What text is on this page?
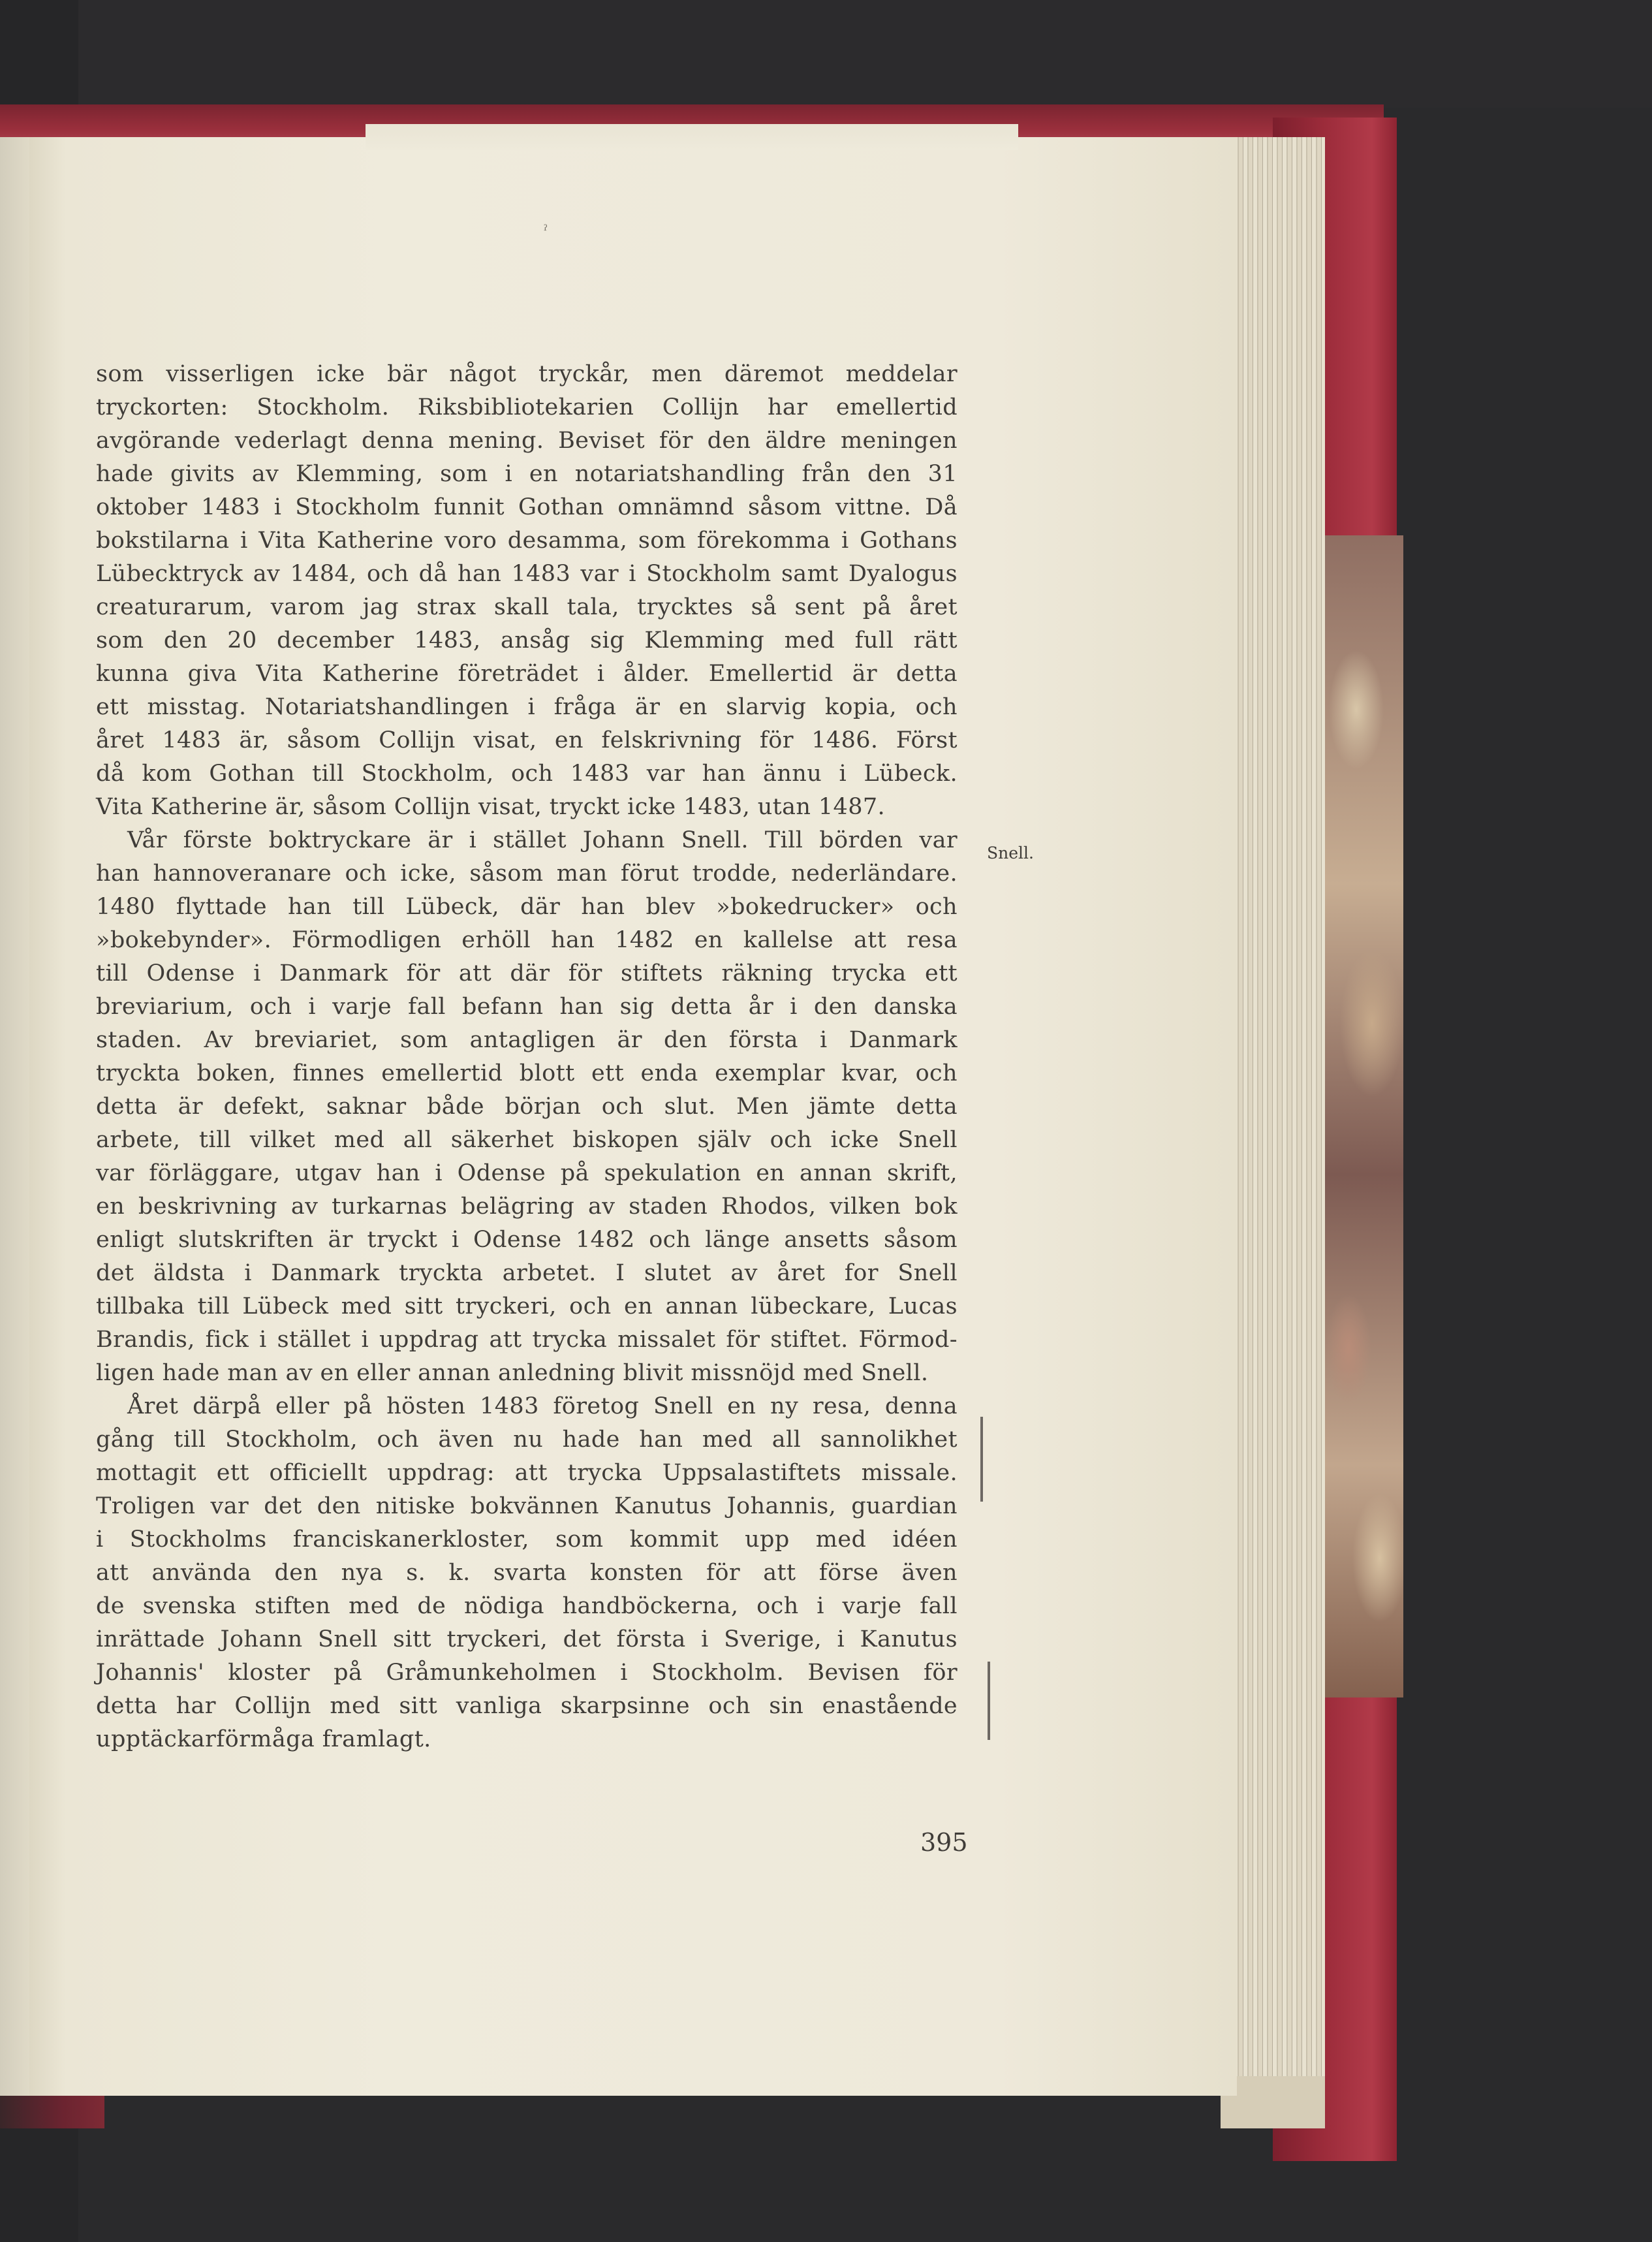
ˀ
som visserligen icke bär något tryckår, men däremot meddelar
tryckorten: Stockholm. Riksbibliotekarien Collijn har emellertid
avgörande vederlagt denna mening. Beviset för den äldre meningen
hade givits av Klemming, som i en notariatshandling från den 31
oktober 1483 i Stockholm funnit Gothan omnämnd såsom vittne. Då
bokstilarna i Vita Katherine voro desamma, som förekomma i Gothans
Lübecktryck av 1484, och då han 1483 var i Stockholm samt Dyalogus
creaturarum, varom jag strax skall tala, trycktes så sent på året
som den 20 december 1483, ansåg sig Klemming med full rätt
kunna giva Vita Katherine företrädet i ålder. Emellertid är detta
ett misstag. Notariatshandlingen i fråga är en slarvig kopia, och
året 1483 är, såsom Collijn visat, en felskrivning för 1486. Först
då kom Gothan till Stockholm, och 1483 var han ännu i Lübeck.
Vita Katherine är, såsom Collijn visat, tryckt icke 1483, utan 1487.
Vår förste boktryckare är i stället Johann Snell. Till börden var
han hannoveranare och icke, såsom man förut trodde, nederländare.
1480 flyttade han till Lübeck, där han blev »bokedrucker» och
»bokebynder». Förmodligen erhöll han 1482 en kallelse att resa
till Odense i Danmark för att där för stiftets räkning trycka ett
breviarium, och i varje fall befann han sig detta år i den danska
staden. Av breviariet, som antagligen är den första i Danmark
tryckta boken, finnes emellertid blott ett enda exemplar kvar, och
detta är defekt, saknar både början och slut. Men jämte detta
arbete, till vilket med all säkerhet biskopen själv och icke Snell
var förläggare, utgav han i Odense på spekulation en annan skrift,
en beskrivning av turkarnas belägring av staden Rhodos, vilken bok
enligt slutskriften är tryckt i Odense 1482 och länge ansetts såsom
det äldsta i Danmark tryckta arbetet. I slutet av året for Snell
tillbaka till Lübeck med sitt tryckeri, och en annan lübeckare, Lucas
Brandis, fick i stället i uppdrag att trycka missalet för stiftet. Förmod-
ligen hade man av en eller annan anledning blivit missnöjd med Snell.
Året därpå eller på hösten 1483 företog Snell en ny resa, denna
gång till Stockholm, och även nu hade han med all sannolikhet
mottagit ett officiellt uppdrag: att trycka Uppsalastiftets missale.
Troligen var det den nitiske bokvännen Kanutus Johannis, guardian
i Stockholms franciskanerkloster, som kommit upp med idéen
att använda den nya s. k. svarta konsten för att förse även
de svenska stiften med de nödiga handböckerna, och i varje fall
inrättade Johann Snell sitt tryckeri, det första i Sverige, i Kanutus
Johannis' kloster på Gråmunkeholmen i Stockholm. Bevisen för
detta har Collijn med sitt vanliga skarpsinne och sin enastående
upptäckarförmåga framlagt.
Snell.
395
